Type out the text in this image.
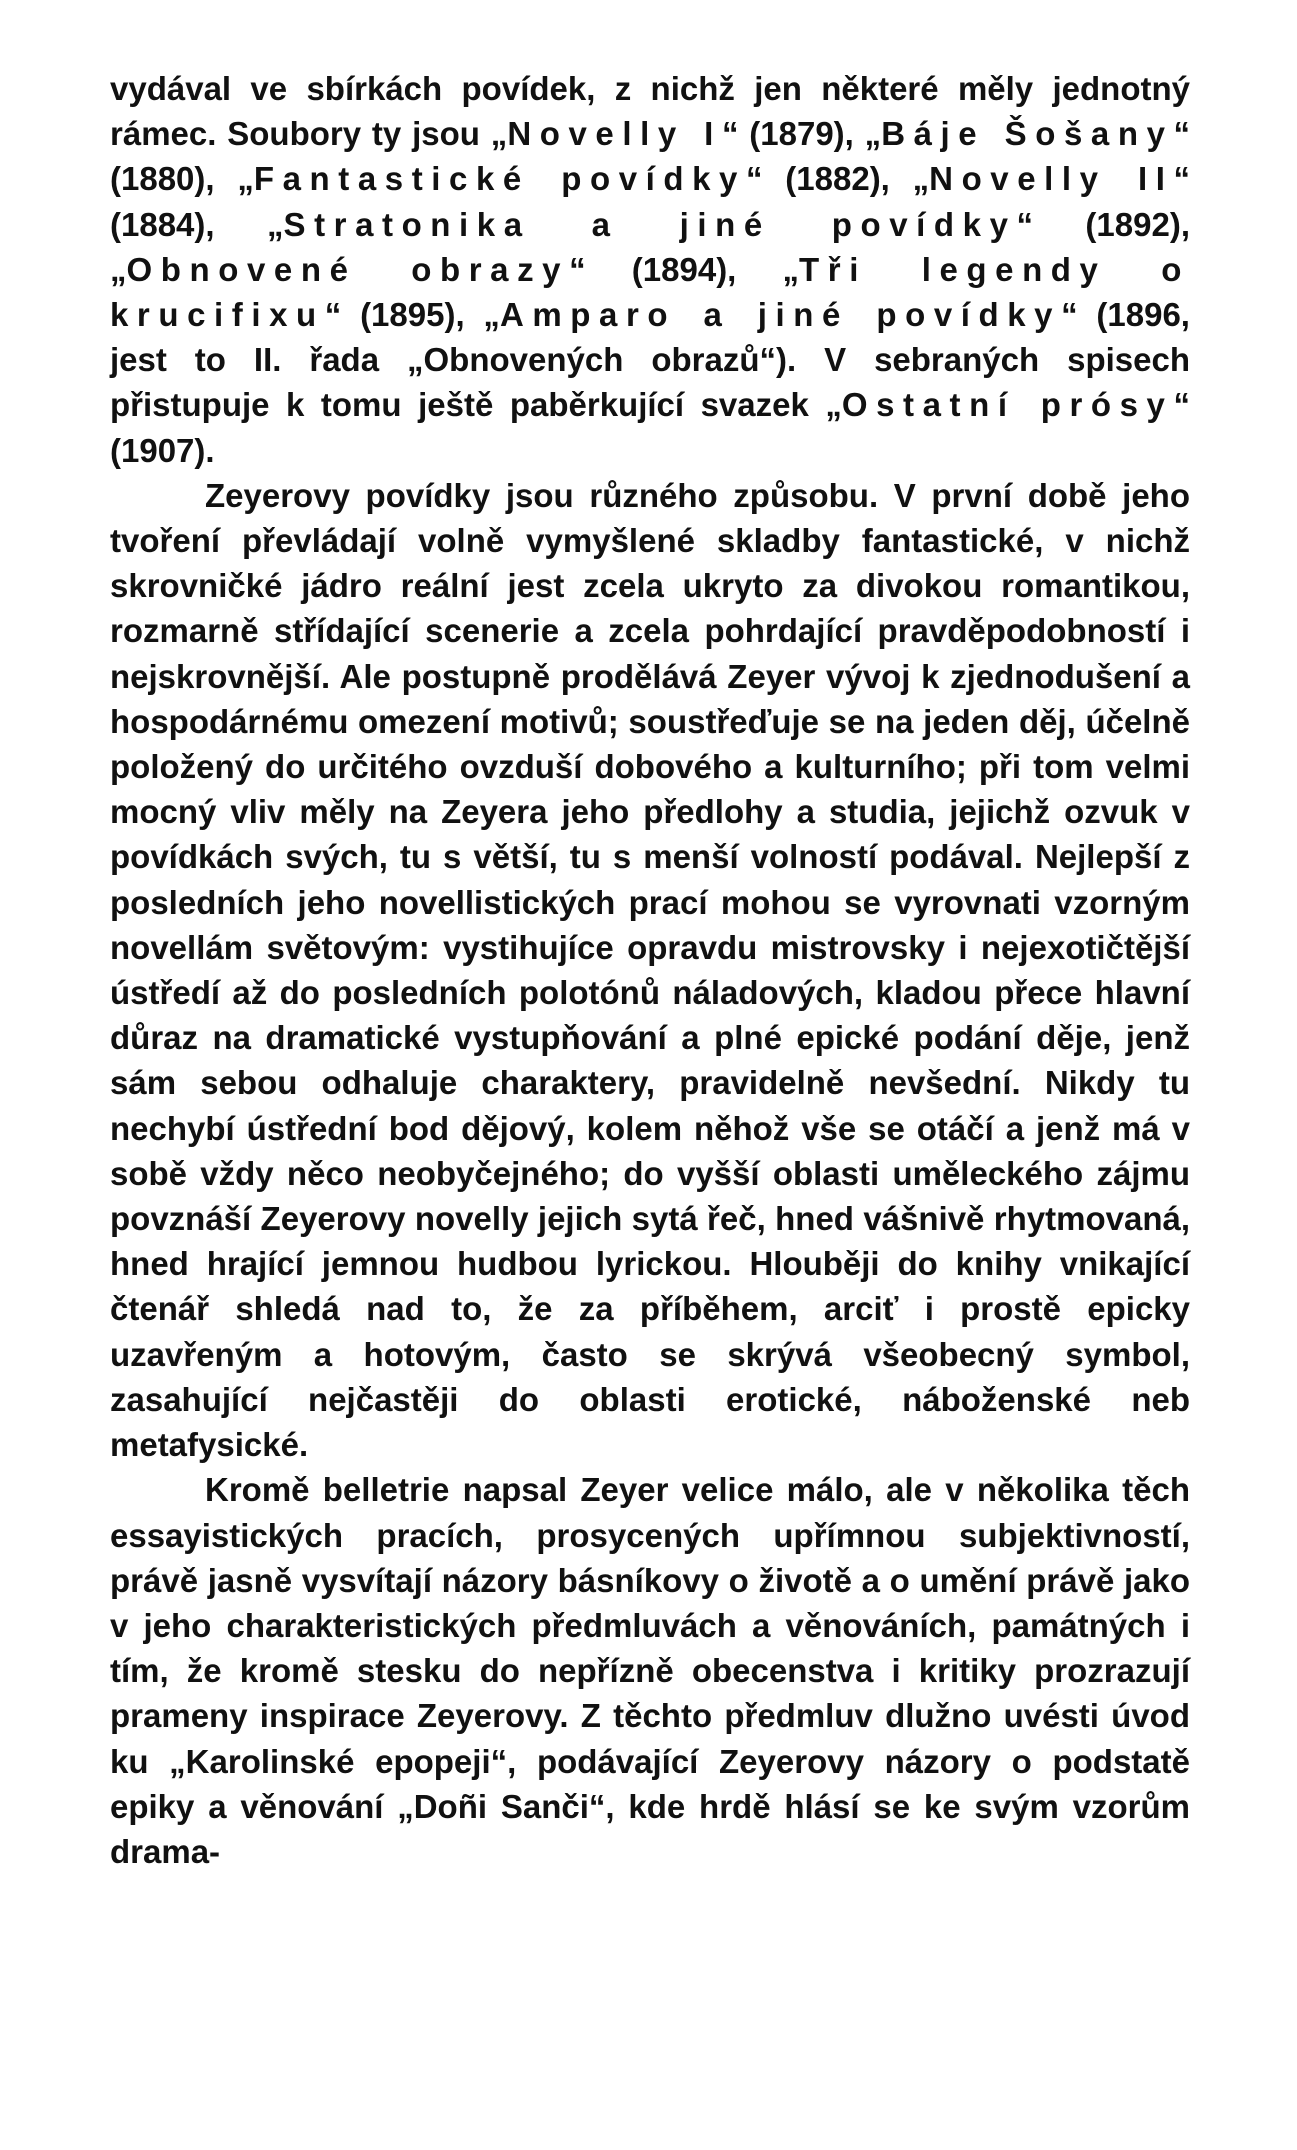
vydával ve sbírkách povídek, z nichž jen některé měly jednotný rámec. Soubory ty jsou „Novelly I“ (1879), „Báje Šošany“ (1880), „Fantastické povídky“ (1882), „Novelly II“ (1884), „Stratonika a jiné povídky“ (1892), „Obnovené obrazy“ (1894), „Tři legendy o krucifixu“ (1895), „Amparo a jiné povídky“ (1896, jest to II. řada „Obnovených obrazů“). V sebraných spisech přistupuje k tomu ještě paběrkující svazek „Ostatní prósy“ (1907).

Zeyerovy povídky jsou různého způsobu. V první době jeho tvoření převládají volně vymyšlené skladby fantastické, v nichž skrovničké jádro reální jest zcela ukryto za divokou romantikou, rozmarně střídající scenerie a zcela pohrdající pravděpodobností i nejskrovnější. Ale postupně prodělává Zeyer vývoj k zjednodušení a hospodárnému omezení motivů; soustřeďuje se na jeden děj, účelně položený do určitého ovzduší dobového a kulturního; při tom velmi mocný vliv měly na Zeyera jeho předlohy a studia, jejichž ozvuk v povídkách svých, tu s větší, tu s menší volností podával. Nejlepší z posledních jeho novellistických prací mohou se vyrovnati vzorným novellám světovým: vystihujíce opravdu mistrovsky i nejexotičtější ústředí až do posledních polotónů náladových, kladou přece hlavní důraz na dramatické vystupňování a plné epické podání děje, jenž sám sebou odhaluje charaktery, pravidelně nevšední. Nikdy tu nechybí ústřední bod dějový, kolem něhož vše se otáčí a jenž má v sobě vždy něco neobyčejného; do vyšší oblasti uměleckého zájmu povznáší Zeyerovy novelly jejich sytá řeč, hned vášnivě rhytmovaná, hned hrající jemnou hudbou lyrickou. Hlouběji do knihy vnikající čtenář shledá nad to, že za příběhem, arciť i prostě epicky uzavřeným a hotovým, často se skrývá všeobecný symbol, zasahující nejčastěji do oblasti erotické, náboženské neb metafysické.

Kromě belletrie napsal Zeyer velice málo, ale v několika těch essayistických pracích, prosycených upřímnou subjektivností, právě jasně vysvítají názory básníkovy o životě a o umění právě jako v jeho charakteristických předmluvách a věnováních, památných i tím, že kromě stesku do nepřízně obecenstva i kritiky prozrazují prameny inspirace Zeyerovy. Z těchto předmluv dlužno uvésti úvod ku „Karolinské epopeji“, podávající Zeyerovy názory o podstatě epiky a věnování „Doñi Sanči“, kde hrdě hlásí se ke svým vzorům drama-
